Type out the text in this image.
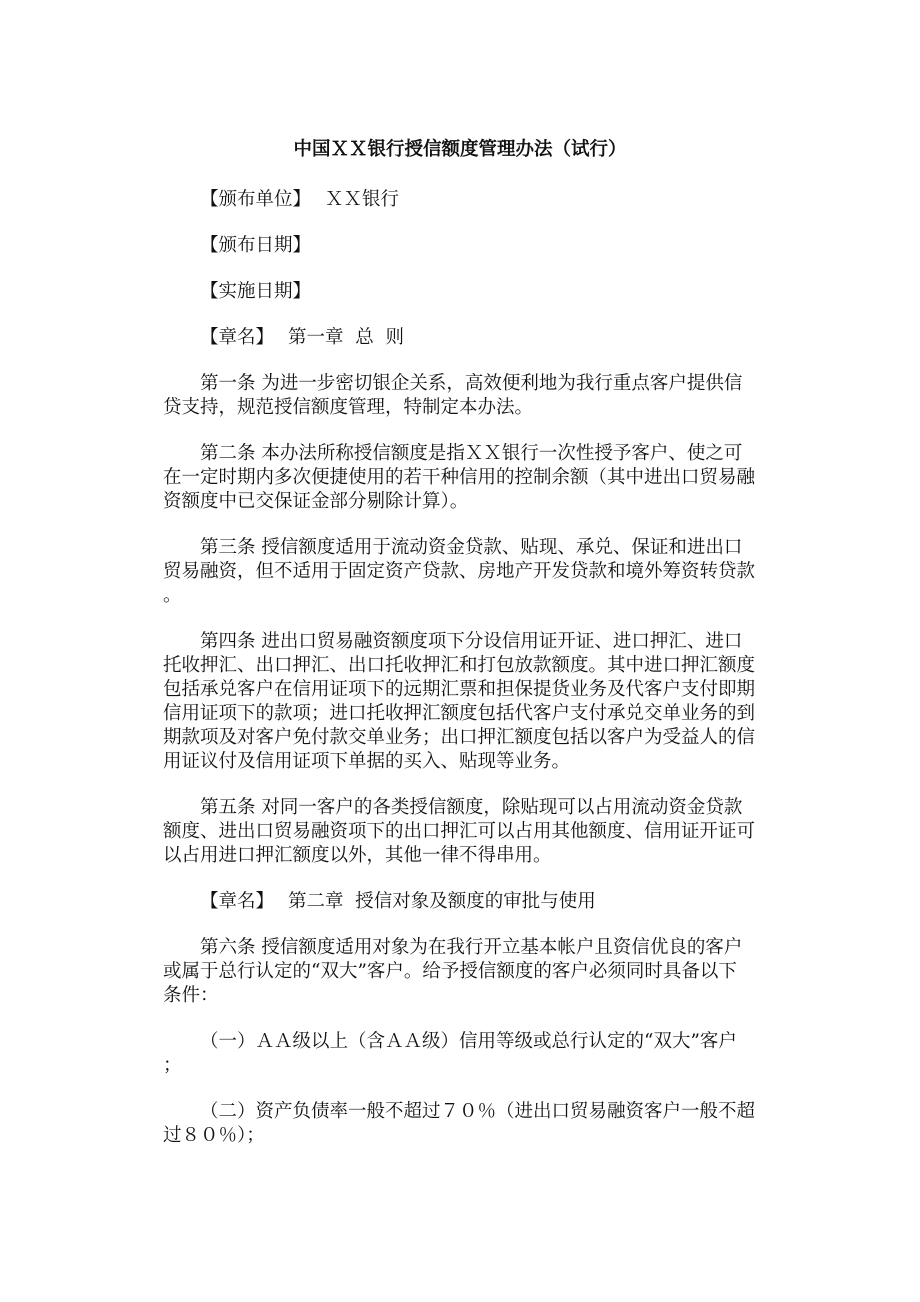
中国ＸＸ银行授信额度管理办法（试行）
【颁布单位】 ＸＸ银行
【颁布日期】
【实施日期】
【章名】 第一章  总  则
第一条 为进一步密切银企关系，高效便利地为我行重点客户提供信
贷支持，规范授信额度管理，特制定本办法。
第二条 本办法所称授信额度是指ＸＸ银行一次性授予客户、使之可
在一定时期内多次便捷使用的若干种信用的控制余额（其中进出口贸易融
资额度中已交保证金部分剔除计算）。
第三条 授信额度适用于流动资金贷款、贴现、承兑、保证和进出口
贸易融资，但不适用于固定资产贷款、房地产开发贷款和境外筹资转贷款
。
第四条 进出口贸易融资额度项下分设信用证开证、进口押汇、进口
托收押汇、出口押汇、出口托收押汇和打包放款额度。其中进口押汇额度
包括承兑客户在信用证项下的远期汇票和担保提货业务及代客户支付即期
信用证项下的款项；进口托收押汇额度包括代客户支付承兑交单业务的到
期款项及对客户免付款交单业务；出口押汇额度包括以客户为受益人的信
用证议付及信用证项下单据的买入、贴现等业务。
第五条 对同一客户的各类授信额度，除贴现可以占用流动资金贷款
额度、进出口贸易融资项下的出口押汇可以占用其他额度、信用证开证可
以占用进口押汇额度以外，其他一律不得串用。
【章名】 第二章  授信对象及额度的审批与使用
第六条 授信额度适用对象为在我行开立基本帐户且资信优良的客户
或属于总行认定的“双大”客户。给予授信额度的客户必须同时具备以下
条件：
（一）ＡＡ级以上（含ＡＡ级）信用等级或总行认定的“双大”客户
；
（二）资产负债率一般不超过７０％（进出口贸易融资客户一般不超
过８０％）；
